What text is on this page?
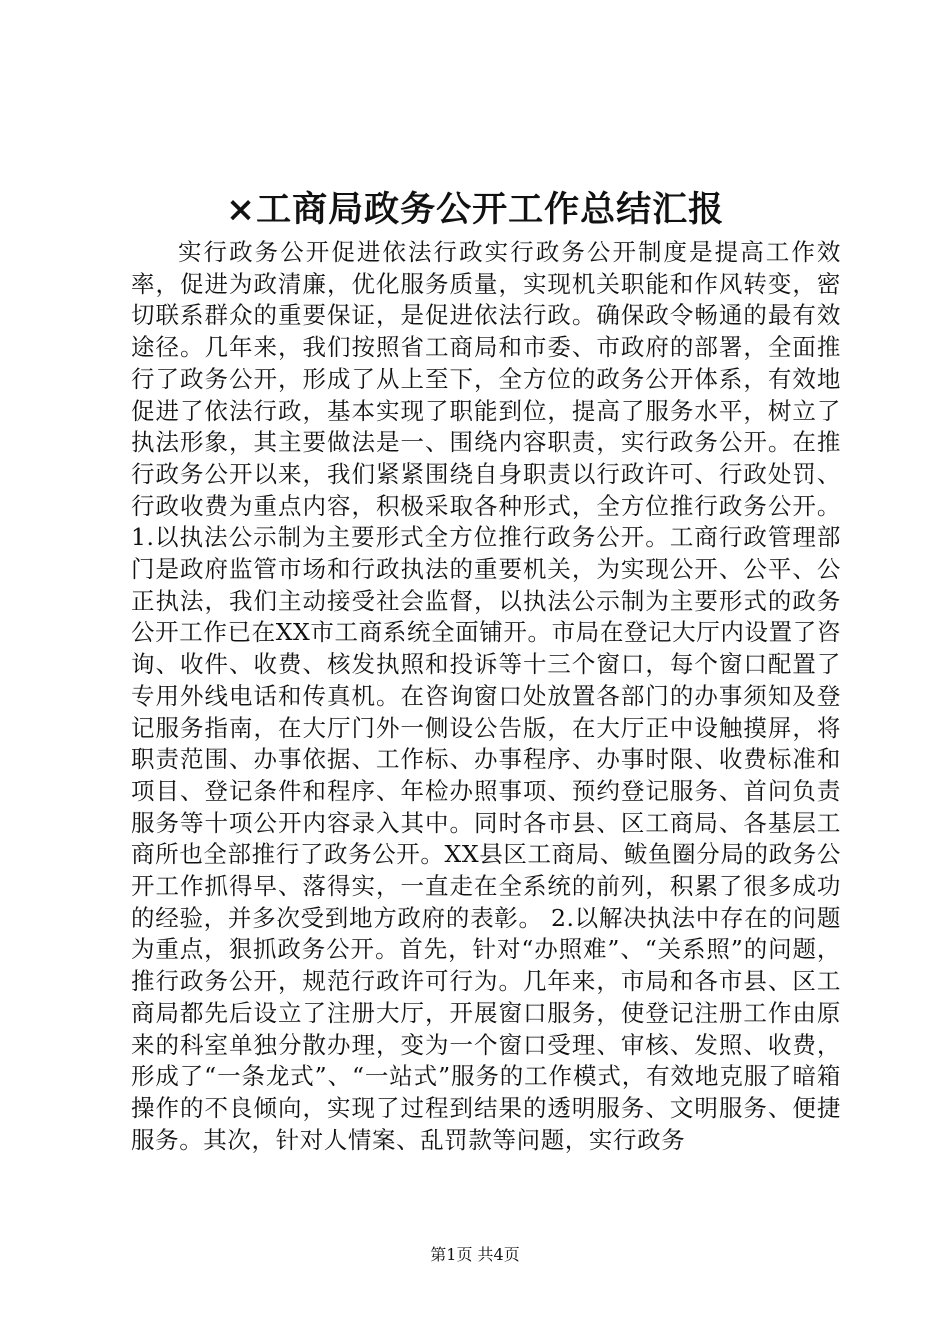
×工商局政务公开工作总结汇报

实行政务公开促进依法行政实行政务公开制度是提高工作效率，促进为政清廉，优化服务质量，实现机关职能和作风转变，密切联系群众的重要保证，是促进依法行政。确保政令畅通的最有效途径。几年来，我们按照省工商局和市委、市政府的部署，全面推行了政务公开，形成了从上至下，全方位的政务公开体系，有效地促进了依法行政，基本实现了职能到位，提高了服务水平，树立了执法形象，其主要做法是一、围绕内容职责，实行政务公开。在推行政务公开以来，我们紧紧围绕自身职责以行政许可、行政处罚、行政收费为重点内容，积极采取各种形式，全方位推行政务公开。 1.以执法公示制为主要形式全方位推行政务公开。工商行政管理部门是政府监管市场和行政执法的重要机关，为实现公开、公平、公正执法，我们主动接受社会监督，以执法公示制为主要形式的政务公开工作已在XX市工商系统全面铺开。市局在登记大厅内设置了咨询、收件、收费、核发执照和投诉等十三个窗口，每个窗口配置了专用外线电话和传真机。在咨询窗口处放置各部门的办事须知及登记服务指南，在大厅门外一侧设公告版，在大厅正中设触摸屏，将职责范围、办事依据、工作标、办事程序、办事时限、收费标准和项目、登记条件和程序、年检办照事项、预约登记服务、首问负责服务等十项公开内容录入其中。同时各市县、区工商局、各基层工商所也全部推行了政务公开。XX县区工商局、鲅鱼圈分局的政务公开工作抓得早、落得实，一直走在全系统的前列，积累了很多成功的经验，并多次受到地方政府的表彰。 2.以解决执法中存在的问题为重点，狠抓政务公开。首先，针对“办照难”、“关系照”的问题，推行政务公开，规范行政许可行为。几年来，市局和各市县、区工商局都先后设立了注册大厅，开展窗口服务，使登记注册工作由原来的科室单独分散办理，变为一个窗口受理、审核、发照、收费，形成了“一条龙式”、“一站式”服务的工作模式，有效地克服了暗箱操作的不良倾向，实现了过程到结果的透明服务、文明服务、便捷服务。其次，针对人情案、乱罚款等问题，实行政务

第1页 共4页
